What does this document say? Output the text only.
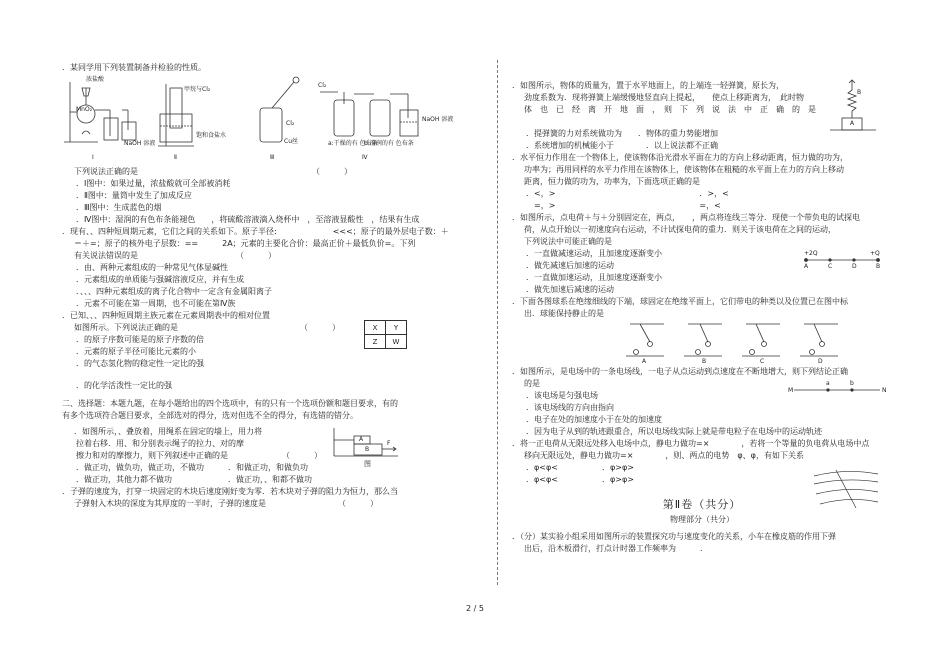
．某同学用下列装置制备并检验的性质。
浓盐酸
MnO₂
NaOH 溶液
Ⅰ
甲烷与Cl₂
饱和食盐水
Ⅱ
Cl₂
Cu丝
Ⅲ
Cl₂
a:干燥的有 色布条
b:湿润的有 色布条
NaOH 溶液
Ⅳ
下列说法正确的是	（　　　）
．Ⅰ图中：如果过量，浓盐酸就可全部被消耗
．Ⅱ图中：量筒中发生了加成反应
．Ⅲ图中：生成蓝色的烟
．Ⅳ图中：湿润的有色布条能褪色　　，将硫酸溶液滴入烧杯中　，至溶液显酸性　，结果有生成
．现有、、四种短周期元素，它们之间的关系如下。原子半径:　　　　　　　<<<；原子的最外层电子数：＋
＝＋=；原子的核外电子层数：==　　　2A；元素的主要化合价：最高正价＋最低负价=。下列
有关说法错误的是	（　　　）
．由、两种元素组成的一种常见气体显碱性
．元素组成的单质能与强碱溶液反应，并有生成
．、、、四种元素组成的离子化合物中一定含有金属阳离子
．元素不可能在第一周期，也不可能在第Ⅳ族
．已知、、、四种短周期主族元素在元素周期表中的相对位置
如图所示。下列说法正确的是	（　　　）
．的原子序数可能是的原子序数的倍
．元素的原子半径可能比元素的小
．的气态氢化物的稳定性一定比的强
X	Y
Z	W
．的化学活泼性一定比的强
二、选择题：本题九题，在每小题给出的四个选项中，有的只有一个选项份额和题目要求，有的
有多个选项符合题目要求，全部选对的得分，选对但选不全的得分，有选错的错分。
．如图所示，、叠放着，用绳系在固定的墙上，用力将
拉着右移．用、和分别表示绳子的拉力、对的摩
擦力和对的摩擦力，则下列叙述中正确的是	（　　　）
．做正功，做负功，做正功，不做功	．和做正功，和做负功
．做正功，其他力都不做功	．做正功，、和都不做功
A
B
F
图
．子弹的速度为，打穿一块固定的木块后速度刚好变为零．若木块对子弹的阻力为恒力，那么当
子弹射入木块的深度为其厚度的一半时，子弹的速度是	（　　　）
．如图所示，物体的质量为，置于水平地面上，的上端连一轻弹簧，原长为，
劲度系数为．现将弹簧上端缓慢地竖直向上提起，　　使点上移距离为，　此时物
体　也　已　经　离　开　地　面　，　则　下　列　说　法　中　正　确　的　是
．提弹簧的力对系统做功为　　．物体的重力势能增加
．系统增加的机械能小于　　　　．以上说法都不正确
B
A
．水平恒力作用在一个物体上，使该物体沿光滑水平面在力的方向上移动距离，恒力做的功为，
功率为；再用同样的水平力作用在该物体上，使该物体在粗糙的水平面上在力的方向上移动
距离，恒力做的功为，功率为，下面选项正确的是
．<，>　　　　　　　　　　　　　　　　　　．>，<
　=，>　　　　　　　　　　　　　　　　　　=，<
．如图所示，点电荷＋与＋分别固定在，两点，　　，两点将连线三等分．现使一个带负电的试探电
荷，从点开始以一初速度向右运动，不计试探电荷的重力．则关于该电荷在之间的运动，
下列说法中可能正确的是
．一直做减速运动，且加速度逐渐变小
．做先减速后加速的运动
．一直做加速运动，且加速度逐渐变小
．做先加速后减速的运动
+2Q	+Q
A	C	D	B
．下面各图球系在绝缘细线的下端，球固定在绝缘平面上，它们带电的种类以及位置已在图中标
出．球能保持静止的是
A	B	C	D
．如图所示，是电场中的一条电场线，一电子从点运动到点速度在不断地增大，则下列结论正确
的是
．该电场是匀强电场
．该电场线的方向由指向
．电子在处的加速度小于在处的加速度
．因为电子从到的轨迹跟重合，所以电场线实际上就是带电粒子在电场中的运动轨迹
M
a	b
N
．将一正电荷从无限远处移入电场中点，静电力做功=×　　　　，若将一个等量的负电荷从电场中点
移向无限远处，静电力做功=×　　　　，则、两点的电势　φ、φ，有如下关系
．φ<φ<	．φ>φ>
．φ<φ<	．φ>φ>
第Ⅱ卷（共分）
物理部分（共分）
．（分）某实验小组采用如图所示的装置探究功与速度变化的关系，小车在橡皮筋的作用下弹
出后，沿木板滑行，打点计时器工作频率为　　　.
2 / 5
